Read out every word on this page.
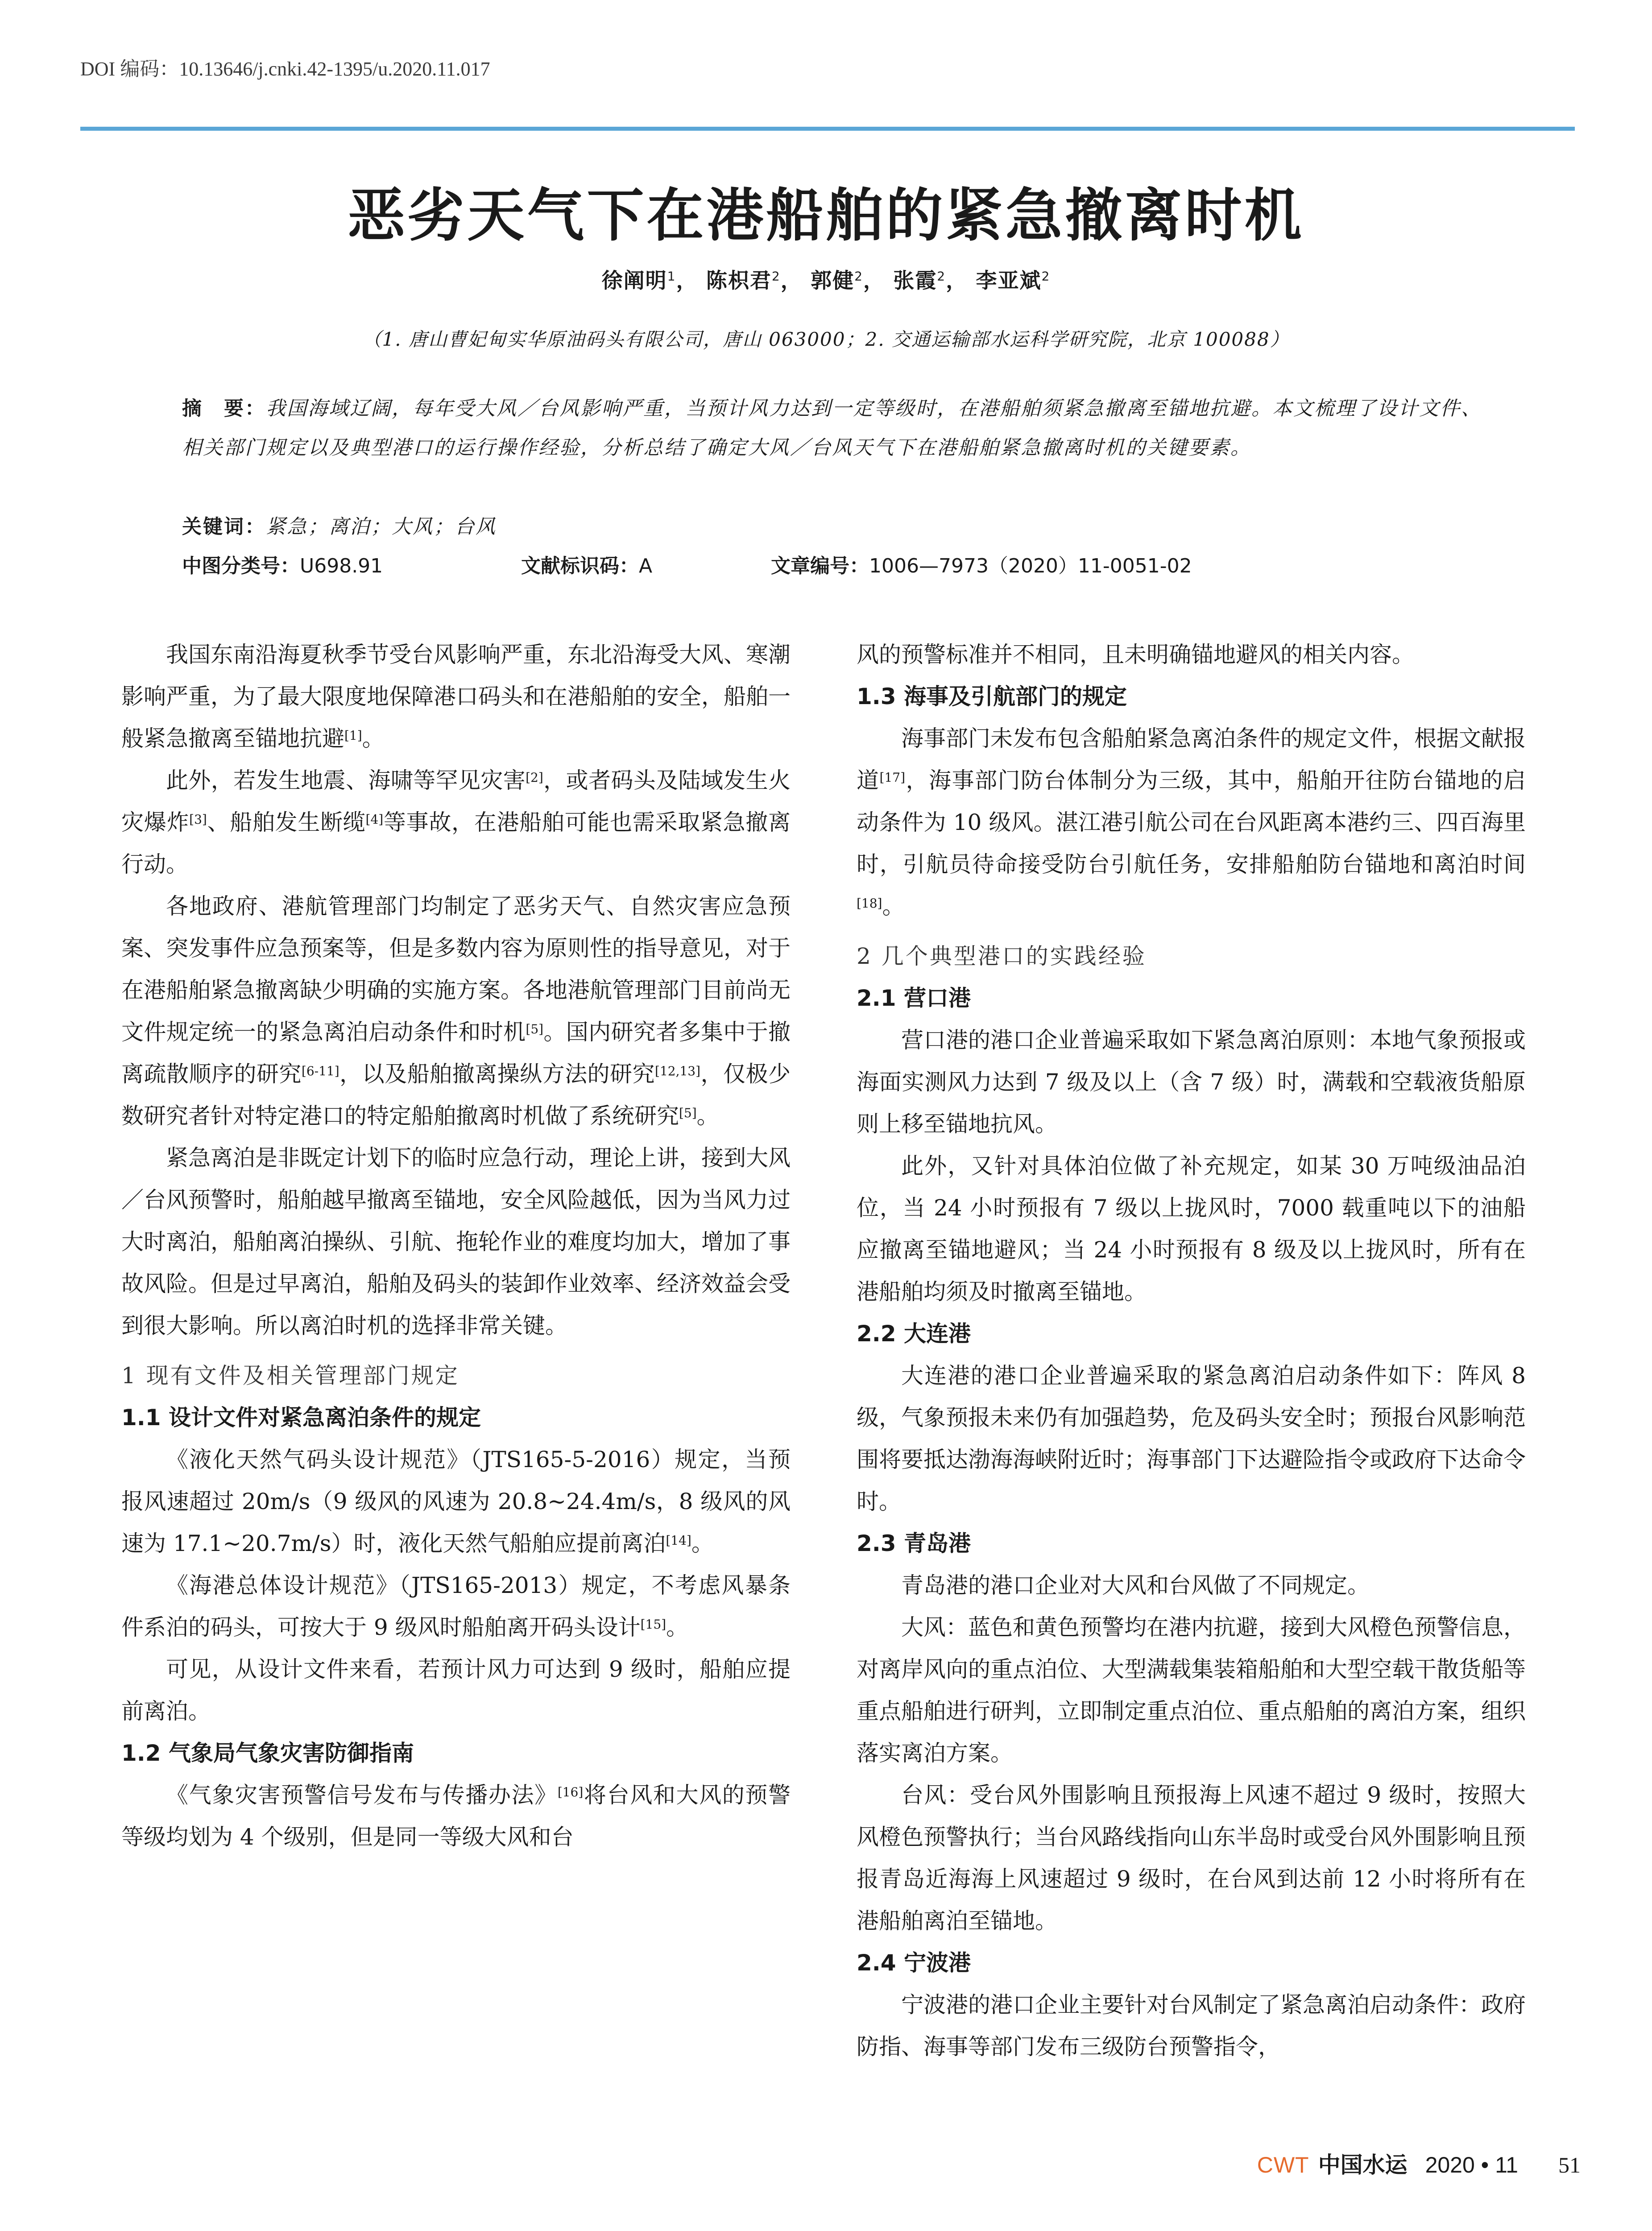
DOI 编码：10.13646/j.cnki.42-1395/u.2020.11.017
恶劣天气下在港船舶的紧急撤离时机
徐阐明$^1$， 陈枳君$^2$， 郭健$^2$， 张霞$^2$， 李亚斌$^2$
（1. 唐山曹妃甸实华原油码头有限公司，唐山 063000；2. 交通运输部水运科学研究院，北京 100088）
摘　要：我国海域辽阔，每年受大风／台风影响严重，当预计风力达到一定等级时，在港船舶须紧急撤离至锚地抗避。本文梳理了设计文件、相关部门规定以及典型港口的运行操作经验，分析总结了确定大风／台风天气下在港船舶紧急撤离时机的关键要素。
关键词：紧急；离泊；大风；台风
中图分类号：U698.91	文献标识码：A	文章编号：1006—7973（2020）11-0051-02

我国东南沿海夏秋季节受台风影响严重，东北沿海受大风、寒潮影响严重，为了最大限度地保障港口码头和在港船舶的安全，船舶一般紧急撤离至锚地抗避[1]。

此外，若发生地震、海啸等罕见灾害[2]，或者码头及陆域发生火灾爆炸[3]、船舶发生断缆[4]等事故，在港船舶可能也需采取紧急撤离行动。

各地政府、港航管理部门均制定了恶劣天气、自然灾害应急预案、突发事件应急预案等，但是多数内容为原则性的指导意见，对于在港船舶紧急撤离缺少明确的实施方案。各地港航管理部门目前尚无文件规定统一的紧急离泊启动条件和时机[5]。国内研究者多集中于撤离疏散顺序的研究[6-11]，以及船舶撤离操纵方法的研究[12,13]，仅极少数研究者针对特定港口的特定船舶撤离时机做了系统研究[5]。

紧急离泊是非既定计划下的临时应急行动，理论上讲，接到大风／台风预警时，船舶越早撤离至锚地，安全风险越低，因为当风力过大时离泊，船舶离泊操纵、引航、拖轮作业的难度均加大，增加了事故风险。但是过早离泊，船舶及码头的装卸作业效率、经济效益会受到很大影响。所以离泊时机的选择非常关键。

1 现有文件及相关管理部门规定
1.1 设计文件对紧急离泊条件的规定

《液化天然气码头设计规范》（JTS165-5-2016）规定，当预报风速超过 20m/s（9 级风的风速为 20.8~24.4m/s，8 级风的风速为 17.1~20.7m/s）时，液化天然气船舶应提前离泊[14]。

《海港总体设计规范》（JTS165-2013）规定，不考虑风暴条件系泊的码头，可按大于 9 级风时船舶离开码头设计[15]。

可见，从设计文件来看，若预计风力可达到 9 级时，船舶应提前离泊。

1.2 气象局气象灾害防御指南

《气象灾害预警信号发布与传播办法》[16]将台风和大风的预警等级均划为 4 个级别，但是同一等级大风和台

风的预警标准并不相同，且未明确锚地避风的相关内容。

1.3 海事及引航部门的规定

海事部门未发布包含船舶紧急离泊条件的规定文件，根据文献报道[17]，海事部门防台体制分为三级，其中，船舶开往防台锚地的启动条件为 10 级风。湛江港引航公司在台风距离本港约三、四百海里时，引航员待命接受防台引航任务，安排船舶防台锚地和离泊时间[18]。

2 几个典型港口的实践经验
2.1 营口港

营口港的港口企业普遍采取如下紧急离泊原则：本地气象预报或海面实测风力达到 7 级及以上（含 7 级）时，满载和空载液货船原则上移至锚地抗风。

此外，又针对具体泊位做了补充规定，如某 30 万吨级油品泊位，当 24 小时预报有 7 级以上拢风时，7000 载重吨以下的油船应撤离至锚地避风；当 24 小时预报有 8 级及以上拢风时，所有在港船舶均须及时撤离至锚地。

2.2 大连港

大连港的港口企业普遍采取的紧急离泊启动条件如下：阵风 8 级，气象预报未来仍有加强趋势，危及码头安全时；预报台风影响范围将要抵达渤海海峡附近时；海事部门下达避险指令或政府下达命令时。

2.3 青岛港

青岛港的港口企业对大风和台风做了不同规定。

大风：蓝色和黄色预警均在港内抗避，接到大风橙色预警信息，对离岸风向的重点泊位、大型满载集装箱船舶和大型空载干散货船等重点船舶进行研判，立即制定重点泊位、重点船舶的离泊方案，组织落实离泊方案。

台风：受台风外围影响且预报海上风速不超过 9 级时，按照大风橙色预警执行；当台风路线指向山东半岛时或受台风外围影响且预报青岛近海海上风速超过 9 级时，在台风到达前 12 小时将所有在港船舶离泊至锚地。

2.4 宁波港

宁波港的港口企业主要针对台风制定了紧急离泊启动条件：政府防指、海事等部门发布三级防台预警指令，

CWT 中国水运 2020 • 11 51
